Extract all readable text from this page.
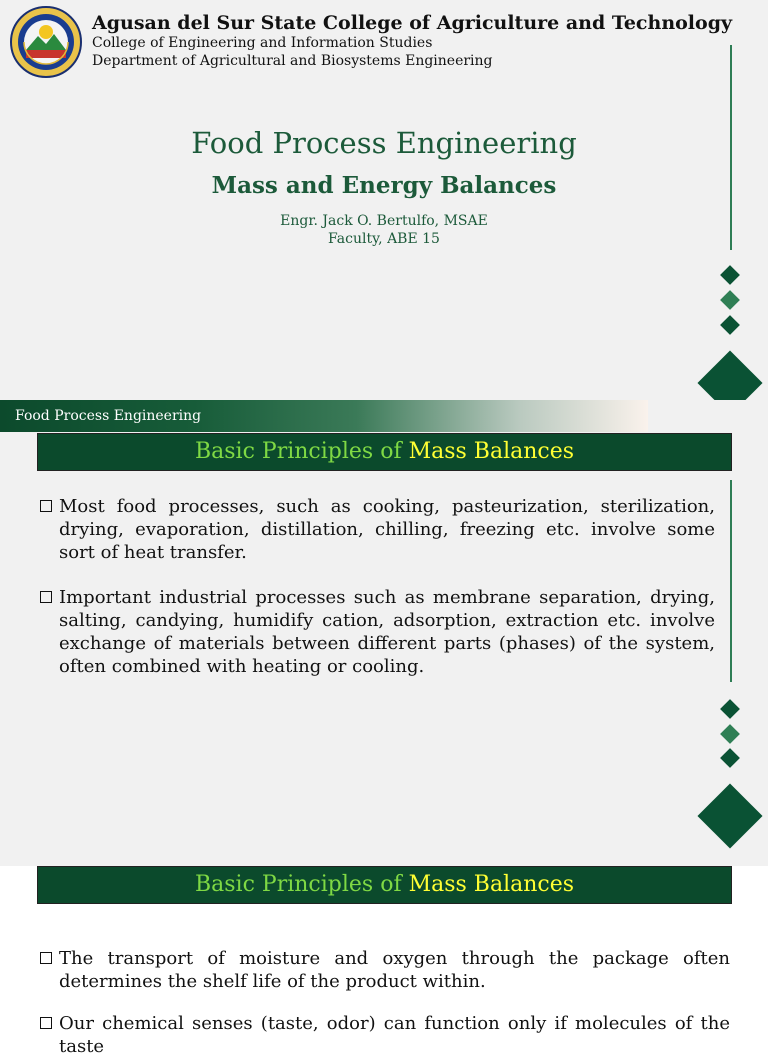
Agusan del Sur State College of Agriculture and Technology
College of Engineering and Information Studies
Department of Agricultural and Biosystems Engineering
Food Process Engineering
Mass and Energy Balances
Engr. Jack O. Bertulfo, MSAE
Faculty, ABE 15
Food Process Engineering
Basic Principles of Mass Balances
Most food processes, such as cooking, pasteurization, sterilization, drying, evaporation, distillation, chilling, freezing etc. involve some sort of heat transfer.
Important industrial processes such as membrane separation, drying, salting, candying, humidify cation, adsorption, extraction etc. involve exchange of materials between different parts (phases) of the system, often combined with heating or cooling.
Basic Principles of Mass Balances
The transport of moisture and oxygen through the package often determines the shelf life of the product within.
Our chemical senses (taste, odor) can function only if molecules of the taste
